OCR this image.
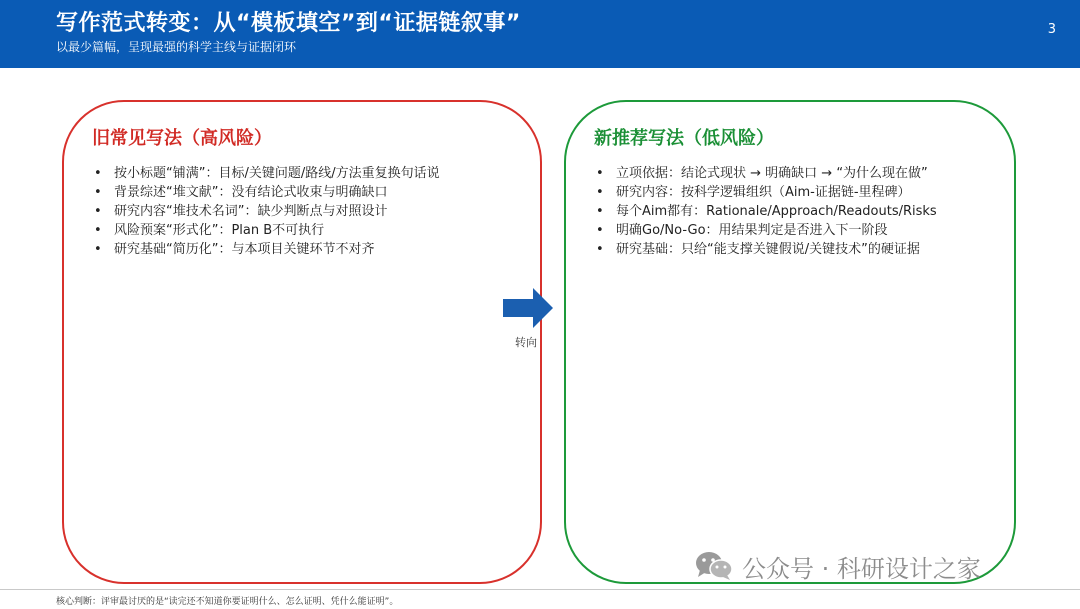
写作范式转变：从“模板填空”到“证据链叙事”
以最少篇幅，呈现最强的科学主线与证据闭环
3
旧常见写法（高风险）
• 按小标题“铺满”：目标/关键问题/路线/方法重复换句话说
• 背景综述“堆文献”：没有结论式收束与明确缺口
• 研究内容“堆技术名词”：缺少判断点与对照设计
• 风险预案“形式化”：Plan B不可执行
• 研究基础“简历化”：与本项目关键环节不对齐
转向
新推荐写法（低风险）
• 立项依据：结论式现状 → 明确缺口 → “为什么现在做”
• 研究内容：按科学逻辑组织（Aim-证据链-里程碑）
• 每个Aim都有：Rationale/Approach/Readouts/Risks
• 明确Go/No-Go：用结果判定是否进入下一阶段
• 研究基础：只给“能支撑关键假说/关键技术”的硬证据
公众号 · 科研设计之家
核心判断：评审最讨厌的是“读完还不知道你要证明什么、怎么证明、凭什么能证明”。
